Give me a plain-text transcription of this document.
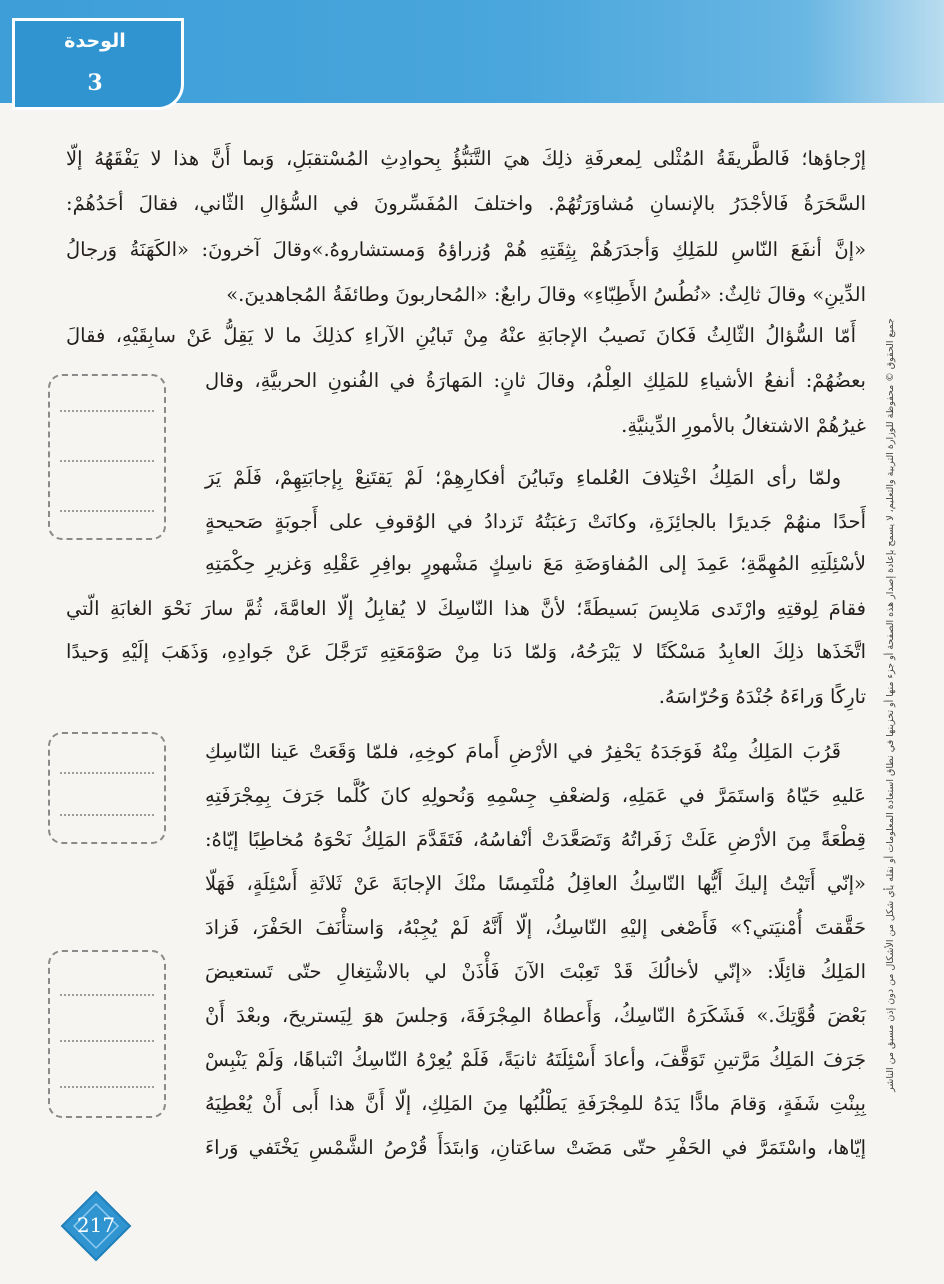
الوحدة
3
إرْجاؤها؛ فَالطَّريقَةُ المُثْلى لِمعرفَةِ ذلِكَ هيَ التَّنَبُّؤُ بِحوادِثِ المُسْتقبَلِ، وَبما أَنَّ هذا لا يَفْقَهُهُ إلّا
السَّحَرَةُ فَالأجْدَرُ بالإنسانِ مُشاوَرَتُهُمْ. واختلفَ المُفَسِّرونَ في السُّؤالِ الثّاني، فقالَ أحَدُهُمْ:
«إنَّ أنفَعَ النّاسِ للمَلِكِ وَأجدَرَهُمْ بِثِقَتِهِ هُمْ وُزراؤهُ وَمستشاروهُ.»وقالَ آخرونَ: «الكَهَنَةُ وَرجالُ
الدِّينِ» وقالَ ثالِثٌ: «نُطُسُ الأَطِبّاءِ» وقالَ رابعٌ: «المُحاربونَ وطائفَةُ المُجاهدينَ.»
أَمّا السُّؤالُ الثّالِثُ فَكانَ نَصيبُ الإجابَةِ عنْهُ مِنْ تَبايُنِ الآراءِ كذلِكَ ما لا يَقِلُّ عَنْ سابِقَيْهِ، فقالَ
بعضُهُمْ: أنفعُ الأشياءِ للمَلِكِ العِلْمُ، وقالَ ثانٍ: المَهارَةُ في الفُنونِ الحربيَّةِ، وقال
غيرُهُمْ الاشتغالُ بالأمورِ الدِّينيَّةِ.
ولمّا رأى المَلِكُ اخْتِلافَ العُلماءِ وتَبايُنَ أفكارِهِمْ؛ لَمْ يَقتَنِعْ بِإجابَتِهِمْ، فَلَمْ يَرَ
أَحدًا منهُمْ جَديرًا بالجائِزَةِ، وكانَتْ رَغبَتُهُ تَزدادُ في الوُقوفِ على أَجوبَةٍ صَحيحةٍ
لأسْئِلَتِهِ المُهِمَّةِ؛ عَمِدَ إلى المُفاوَضَةِ مَعَ ناسِكٍ مَشْهورٍ بوافِرِ عَقْلِهِ وَغزيرِ حِكْمَتِهِ
فقامَ لِوقتِهِ وارْتَدى مَلابِسَ بَسيطَةً؛ لأنَّ هذا النّاسِكَ لا يُقابِلُ إلّا العامَّةَ، ثُمَّ سارَ نَحْوَ الغابَةِ الّتي
اتَّخَذَها ذلِكَ العابِدُ مَسْكَنًا لا يَبْرَحُهُ، وَلمّا دَنا مِنْ صَوْمَعَتِهِ تَرَجَّلَ عَنْ جَوادِهِ، وَذَهَبَ إلَيْهِ وَحيدًا
تارِكًا وَراءَهُ جُنْدَهُ وَحُرّاسَهُ.
قَرُبَ المَلِكُ مِنْهُ فَوَجَدَهُ يَحْفِرُ في الأرْضِ أَمامَ كوخِهِ، فلمّا وَقَعَتْ عَينا النّاسِكِ
عَليهِ حَيّاهُ وَاستَمَرَّ في عَمَلِهِ، وَلضعْفِ جِسْمِهِ وَنُحولِهِ كانَ كُلَّما جَرَفَ بِمِجْرَفَتِهِ
قِطْعَةً مِنَ الأرْضِ عَلَتْ زَفَراتُهُ وَتَصَعَّدَتْ أنْفاسُهُ، فَتَقَدَّمَ المَلِكُ نَحْوَهُ مُخاطِبًا إيّاهُ:
«إنّي أَتَيْتُ إليكَ أَيُّها النّاسِكُ العاقِلُ مُلْتَمِسًا منْكَ الإجابَةَ عَنْ ثَلاثَةِ أَسْئِلَةٍ، فَهَلّا
حَقَّقتَ أُمْنيَتي؟» فَأَصْغى إليْهِ النّاسِكُ، إلّا أَنَّهُ لَمْ يُجِبْهُ، وَاستأْنَفَ الحَفْرَ، فَزادَ
المَلِكُ قائِلًا: «إنّي لأخالُكَ قَدْ تَعِبْتَ الآنَ فَأْذَنْ لي بالاشْتِغالِ حتّى تَستعيضَ
بَعْضَ قُوَّتِكَ.» فَشَكَرَهُ النّاسِكُ، وَأَعطاهُ المِجْرَفَةَ، وَجلسَ هوَ لِيَستريحَ، وبعْدَ أَنْ
جَرَفَ المَلِكُ مَرَّتينِ تَوَقَّفَ، وأعادَ أَسْئِلَتَهُ ثانيَةً، فَلَمْ يُعِرْهُ النّاسِكُ انْتباهًا، وَلَمْ يَنْبِسْ
بِبِنْتِ شَفَةٍ، وَقامَ مادًّا يَدَهُ للمِجْرَفَةِ يَطْلُبُها مِنَ المَلِكِ، إلّا أَنَّ هذا أَبى أَنْ يُعْطِيَهُ
إيّاها، واسْتَمَرَّ في الحَفْرِ حتّى مَضَتْ ساعَتانِ، وَابتَدَأَ قُرْصُ الشَّمْسِ يَخْتَفي وَراءَ
جميع الحقوق © محفوظة للوزارة التربية والتعليم، لا يسمح بإعادة إصدار هذه الصفحة أو جزء منها أو تخزينها في نطاق استعادة المعلومات أو نقله بأي شكل من الأشكال من دون إذن مسبق من الناشر
217
